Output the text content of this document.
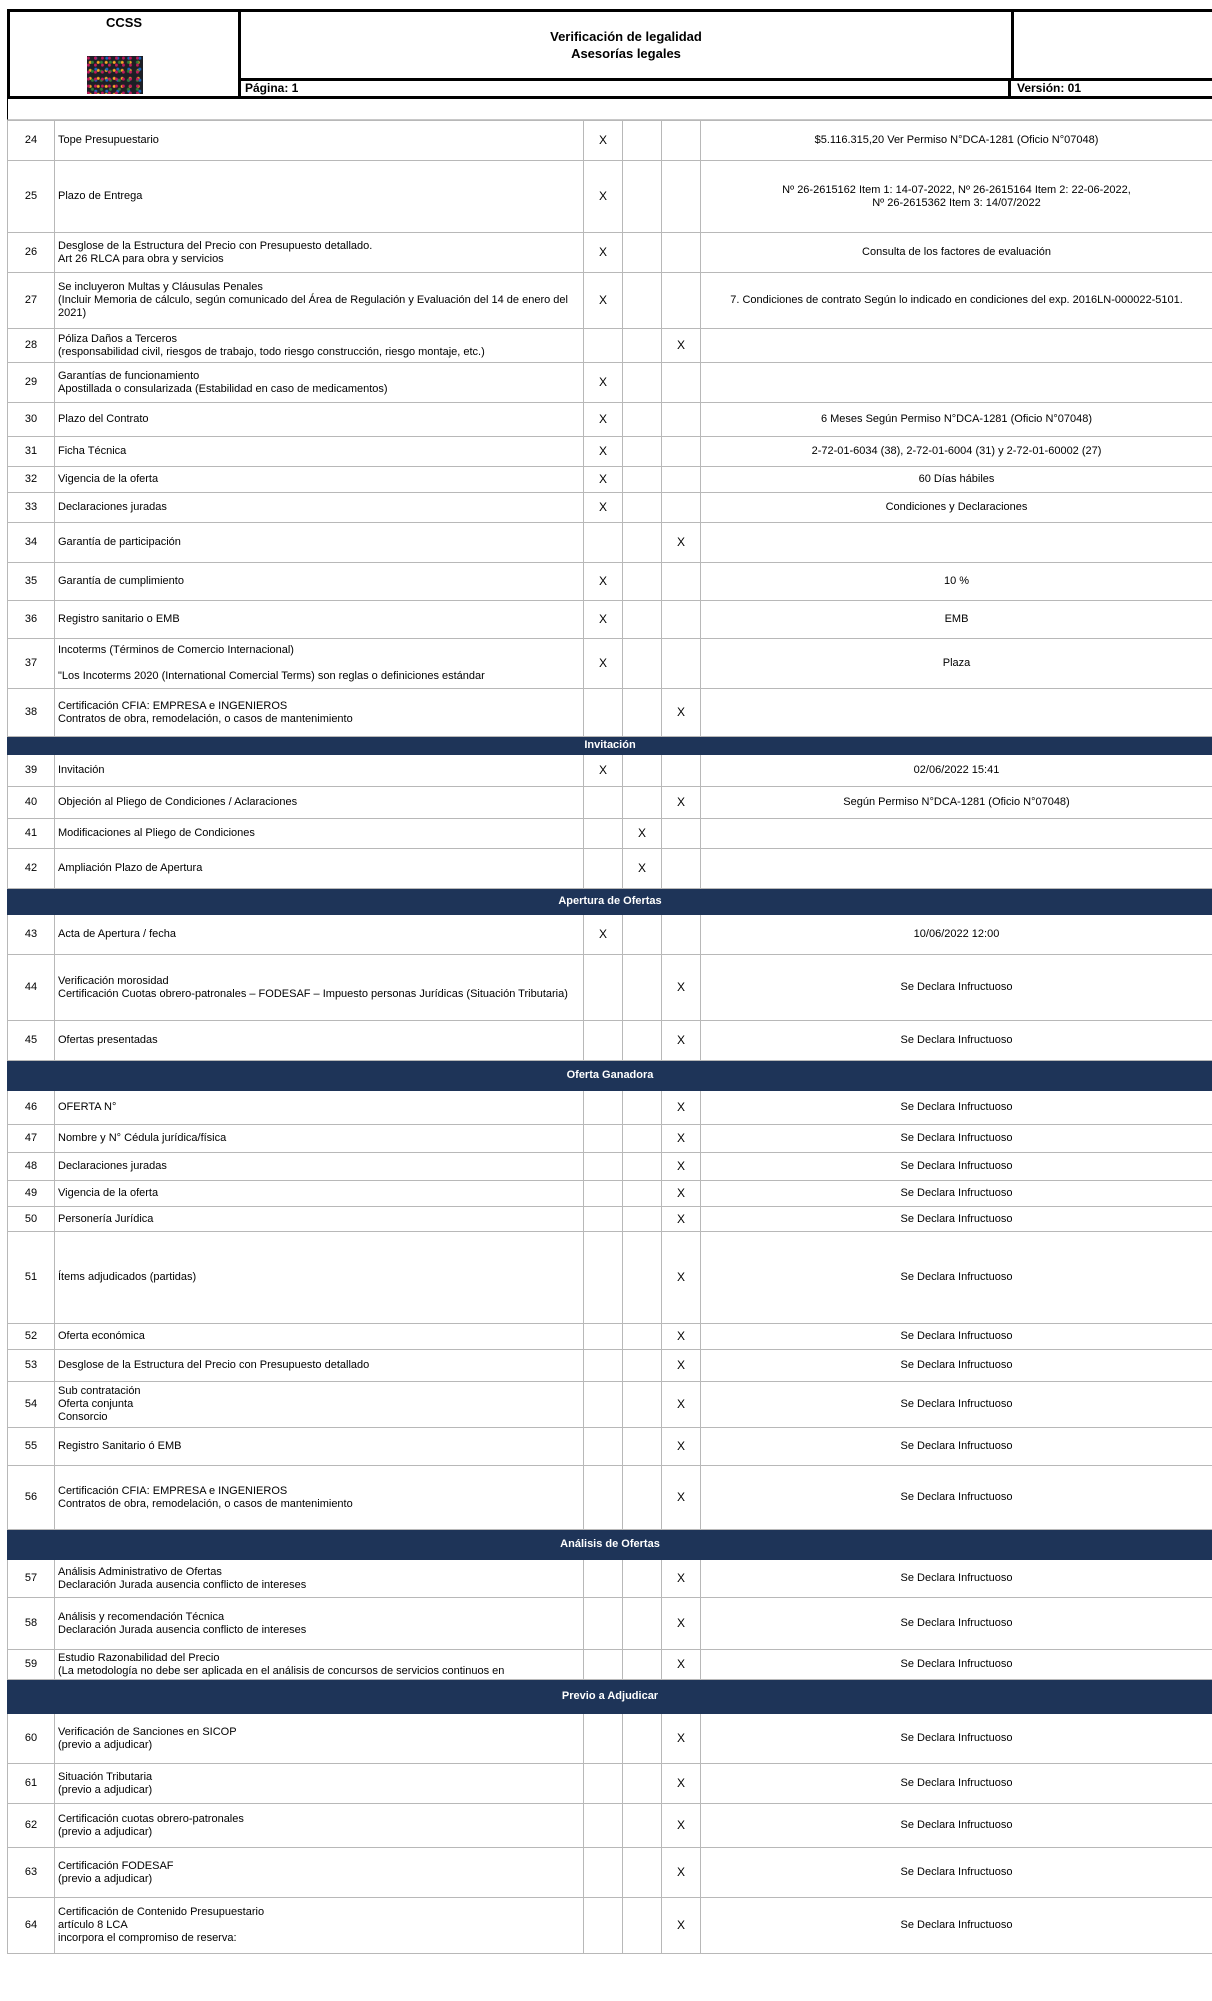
CCSS
Verificación de legalidad
Asesorías legales
Página: 1	Versión: 01
24	Tope Presupuestario	X			$5.116.315,20 Ver Permiso N°DCA-1281 (Oficio N°07048)
25	Plazo de Entrega	X			Nº 26-2615162 Item 1: 14-07-2022, Nº 26-2615164 Item 2: 22-06-2022,
Nº 26-2615362 Item 3: 14/07/2022
26	Desglose de la Estructura del Precio con Presupuesto detallado.
Art 26 RLCA para obra y servicios	X			Consulta de los factores de evaluación
27	Se incluyeron Multas y Cláusulas Penales
(Incluir Memoria de cálculo, según comunicado del Área de Regulación y Evaluación del 14 de enero del 2021)	X			7. Condiciones de contrato Según lo indicado en condiciones del exp. 2016LN-000022-5101.
28	Póliza Daños a Terceros
(responsabilidad civil, riesgos de trabajo, todo riesgo construcción, riesgo montaje, etc.)			X	
29	Garantías de funcionamiento
Apostillada o consularizada (Estabilidad en caso de medicamentos)	X			
30	Plazo del Contrato	X			6 Meses Según Permiso N°DCA-1281 (Oficio N°07048)
31	Ficha Técnica	X			2-72-01-6034 (38), 2-72-01-6004 (31) y 2-72-01-60002 (27)
32	Vigencia de la oferta	X			60 Días hábiles
33	Declaraciones juradas	X			Condiciones y Declaraciones
34	Garantía de participación			X	
35	Garantía de cumplimiento	X			10 %
36	Registro sanitario o EMB	X			EMB
37	Incoterms (Términos de Comercio Internacional)

"Los Incoterms 2020 (International Comercial Terms) son reglas o definiciones estándar	X			Plaza
38	Certificación CFIA: EMPRESA e INGENIEROS
Contratos de obra, remodelación, o casos de mantenimiento			X	
Invitación					
39	Invitación	X			02/06/2022 15:41
40	Objeción al Pliego de Condiciones / Aclaraciones			X	Según Permiso N°DCA-1281 (Oficio N°07048)
41	Modificaciones al Pliego de Condiciones		X		
42	Ampliación Plazo de Apertura		X		
Apertura de Ofertas					
43	Acta de Apertura / fecha	X			10/06/2022 12:00
44	Verificación morosidad
Certificación Cuotas obrero-patronales – FODESAF – Impuesto personas Jurídicas (Situación Tributaria)			X	Se Declara Infructuoso
45	Ofertas presentadas			X	Se Declara Infructuoso
Oferta Ganadora					
46	OFERTA N°			X	Se Declara Infructuoso
47	Nombre y N° Cédula jurídica/física			X	Se Declara Infructuoso
48	Declaraciones juradas			X	Se Declara Infructuoso
49	Vigencia de la oferta			X	Se Declara Infructuoso
50	Personería Jurídica			X	Se Declara Infructuoso
51	Ítems adjudicados (partidas)			X	Se Declara Infructuoso
52	Oferta económica			X	Se Declara Infructuoso
53	Desglose de la Estructura del Precio con Presupuesto detallado			X	Se Declara Infructuoso
54	Sub contratación
Oferta conjunta
Consorcio			X	Se Declara Infructuoso
55	Registro Sanitario ó EMB			X	Se Declara Infructuoso
56	Certificación CFIA: EMPRESA e INGENIEROS
Contratos de obra, remodelación, o casos de mantenimiento			X	Se Declara Infructuoso
Análisis de Ofertas					
57	Análisis Administrativo de Ofertas
Declaración Jurada ausencia conflicto de intereses			X	Se Declara Infructuoso
58	Análisis y recomendación Técnica
Declaración Jurada ausencia conflicto de intereses			X	Se Declara Infructuoso
59	Estudio Razonabilidad del Precio
(La metodología no debe ser aplicada en el análisis de concursos de servicios continuos en			X	Se Declara Infructuoso
Previo a Adjudicar					
60	Verificación de Sanciones en SICOP
(previo a adjudicar)			X	Se Declara Infructuoso
61	Situación Tributaria
(previo a adjudicar)			X	Se Declara Infructuoso
62	Certificación cuotas obrero-patronales
(previo a adjudicar)			X	Se Declara Infructuoso
63	Certificación FODESAF
(previo a adjudicar)			X	Se Declara Infructuoso
64	Certificación de Contenido Presupuestario
artículo 8 LCA
incorpora el compromiso de reserva:			X	Se Declara Infructuoso
